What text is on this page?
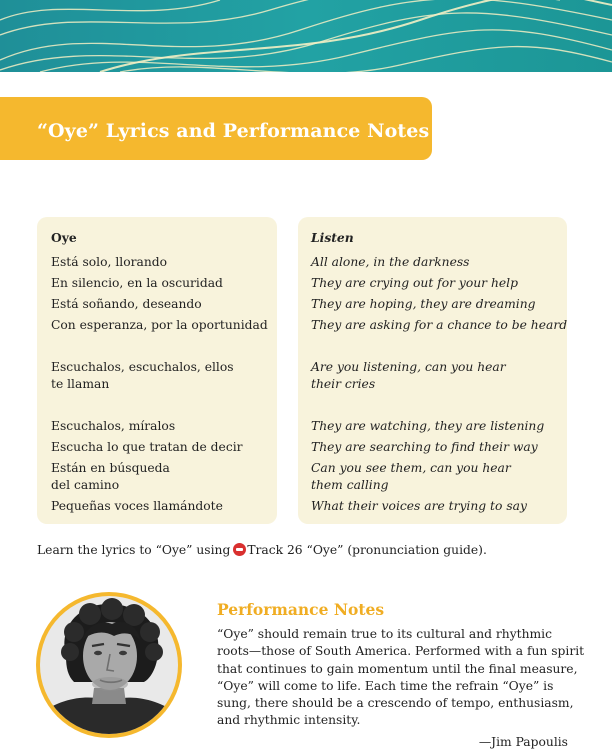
“Oye” Lyrics and Performance Notes
Oye
Está solo, llorando
En silencio, en la oscuridad
Está soñando, deseando
Con esperanza, por la oportunidad
Escuchalos, escuchalos, ellos
te llaman
Escuchalos, míralos
Escucha lo que tratan de decir
Están en búsqueda
del camino
Pequeñas voces llamándote
Listen
All alone, in the darkness
They are crying out for your help
They are hoping, they are dreaming
They are asking for a chance to be heard
Are you listening, can you hear
their cries
They are watching, they are listening
They are searching to find their way
Can you see them, can you hear
them calling
What their voices are trying to say
Learn the lyrics to “Oye” using Track 26 “Oye” (pronunciation guide).
Performance Notes
“Oye” should remain true to its cultural and rhythmic
roots—those of South America. Performed with a fun spirit
that continues to gain momentum until the final measure,
“Oye” will come to life. Each time the refrain “Oye” is
sung, there should be a crescendo of tempo, enthusiasm,
and rhythmic intensity.
—Jim Papoulis
